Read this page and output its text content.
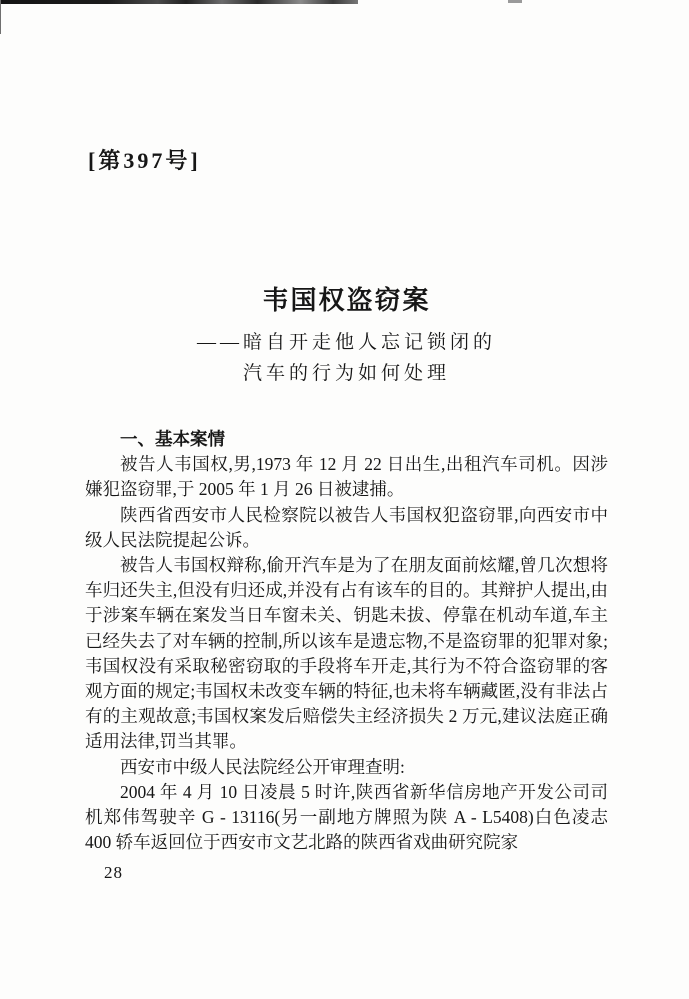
[第397号]
韦国权盗窃案
——暗自开走他人忘记锁闭的
汽车的行为如何处理
一、基本案情

被告人韦国权,男,1973 年 12 月 22 日出生,出租汽车司机。因涉嫌犯盗窃罪,于 2005 年 1 月 26 日被逮捕。

陕西省西安市人民检察院以被告人韦国权犯盗窃罪,向西安市中级人民法院提起公诉。

被告人韦国权辩称,偷开汽车是为了在朋友面前炫耀,曾几次想将车归还失主,但没有归还成,并没有占有该车的目的。其辩护人提出,由于涉案车辆在案发当日车窗未关、钥匙未拔、停靠在机动车道,车主已经失去了对车辆的控制,所以该车是遗忘物,不是盗窃罪的犯罪对象;韦国权没有采取秘密窃取的手段将车开走,其行为不符合盗窃罪的客观方面的规定;韦国权未改变车辆的特征,也未将车辆藏匿,没有非法占有的主观故意;韦国权案发后赔偿失主经济损失 2 万元,建议法庭正确适用法律,罚当其罪。

西安市中级人民法院经公开审理查明:

2004 年 4 月 10 日凌晨 5 时许,陕西省新华信房地产开发公司司机郑伟驾驶辛 G - 13116(另一副地方牌照为陕 A - L5408)白色凌志 400 轿车返回位于西安市文艺北路的陕西省戏曲研究院家

28
